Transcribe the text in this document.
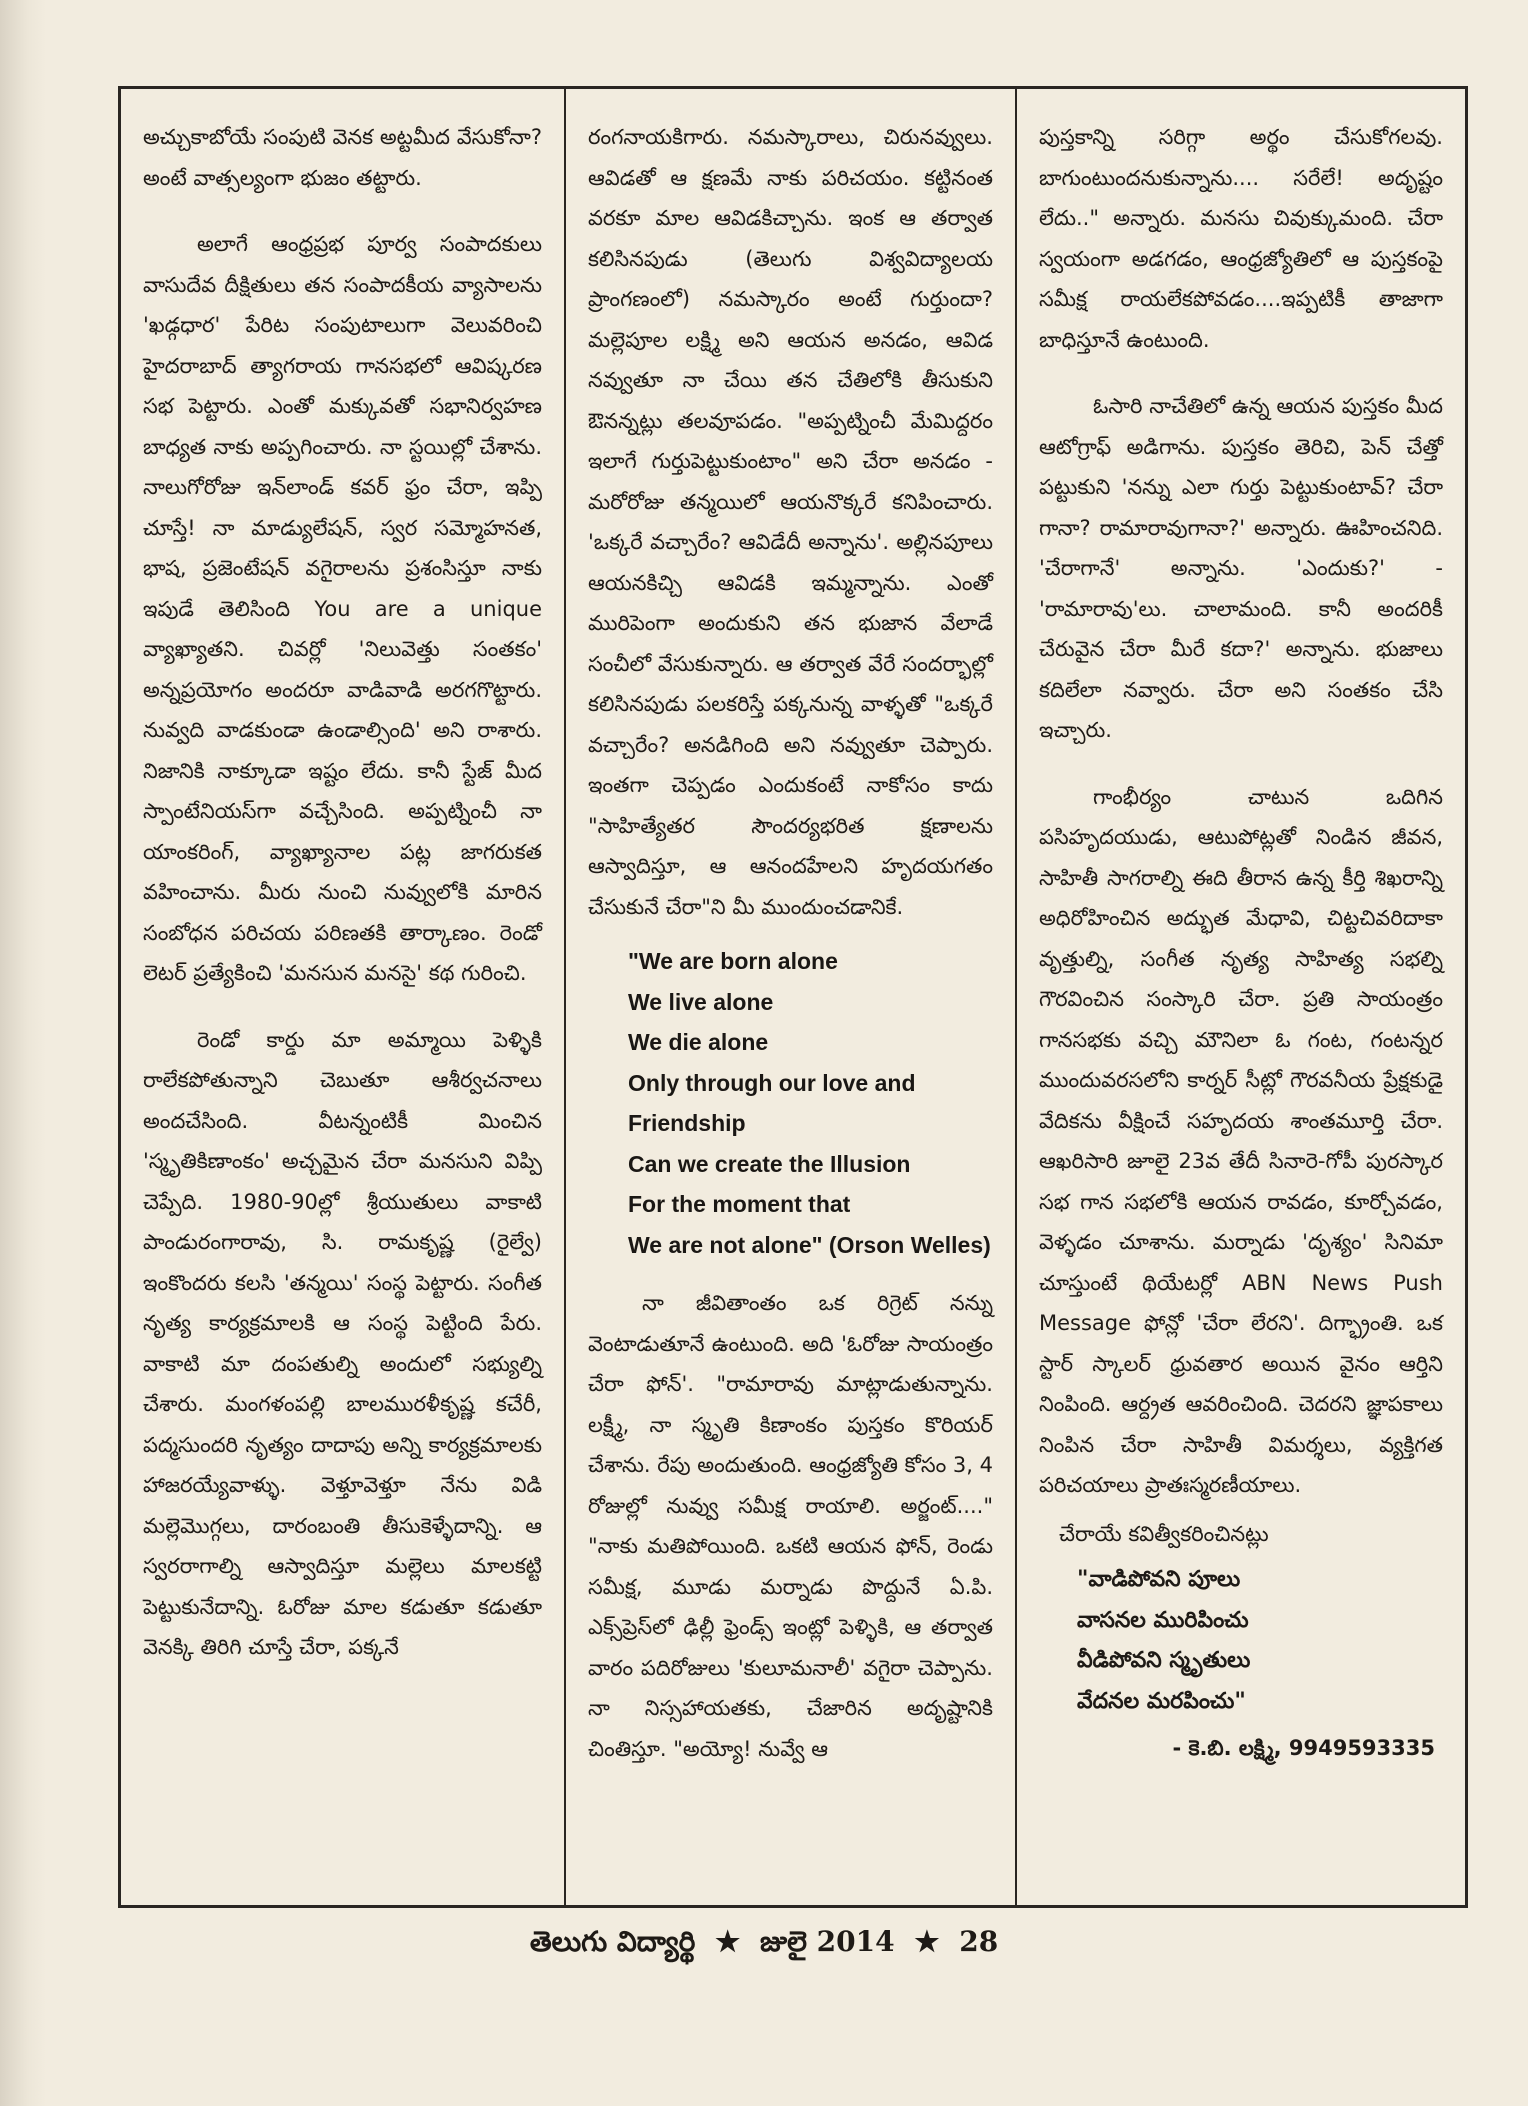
అచ్చుకాబోయే సంపుటి వెనక అట్టమీద వేసుకోనా? అంటే వాత్సల్యంగా భుజం తట్టారు.

అలాగే ఆంధ్రప్రభ పూర్వ సంపాదకులు వాసుదేవ దీక్షితులు తన సంపాదకీయ వ్యాసాలను 'ఖడ్గధార' పేరిట సంపుటాలుగా వెలువరించి హైదరాబాద్ త్యాగరాయ గానసభలో ఆవిష్కరణ సభ పెట్టారు. ఎంతో మక్కువతో సభానిర్వహణ బాధ్యత నాకు అప్పగించారు. నా స్టయిల్లో చేశాను. నాలుగోరోజు ఇన్‌లాండ్ కవర్ ఫ్రం చేరా, ఇప్పి చూస్తే! నా మాడ్యులేషన్, స్వర సమ్మోహనత, భాష, ప్రజెంటేషన్ వగైరాలను ప్రశంసిస్తూ నాకు ఇపుడే తెలిసింది You are a unique వ్యాఖ్యాతని. చివర్లో 'నిలువెత్తు సంతకం' అన్నప్రయోగం అందరూ వాడివాడి అరగగొట్టారు. నువ్వది వాడకుండా ఉండాల్సింది' అని రాశారు. నిజానికి నాక్కూడా ఇష్టం లేదు. కానీ స్టేజ్ మీద స్పాంటేనియస్‌గా వచ్చేసింది. అప్పట్నించీ నా యాంకరింగ్, వ్యాఖ్యానాల పట్ల జాగరుకత వహించాను. మీరు నుంచి నువ్వులోకి మారిన సంబోధన పరిచయ పరిణతకి తార్కాణం. రెండో లెటర్ ప్రత్యేకించి 'మనసున మనసై' కథ గురించి.

రెండో కార్డు మా అమ్మాయి పెళ్ళికి రాలేకపోతున్నాని చెబుతూ ఆశీర్వచనాలు అందచేసింది. వీటన్నంటికీ మించిన 'స్మృతికిణాంకం' అచ్చమైన చేరా మనసుని విప్పి చెప్పేది. 1980-90ల్లో శ్రీయుతులు వాకాటి పాండురంగారావు, సి. రామకృష్ణ (రైల్వే) ఇంకొందరు కలసి 'తన్మయి' సంస్థ పెట్టారు. సంగీత నృత్య కార్యక్రమాలకి ఆ సంస్థ పెట్టింది పేరు. వాకాటి మా దంపతుల్ని అందులో సభ్యుల్ని చేశారు. మంగళంపల్లి బాలమురళీకృష్ణ కచేరీ, పద్మసుందరి నృత్యం దాదాపు అన్ని కార్యక్రమాలకు హాజరయ్యేవాళ్ళు. వెళ్తూవెళ్తూ నేను విడి మల్లెమొగ్గలు, దారంబంతి తీసుకెళ్ళేదాన్ని. ఆ స్వరరాగాల్ని ఆస్వాదిస్తూ మల్లెలు మాలకట్టి పెట్టుకునేదాన్ని. ఓరోజు మాల కడుతూ కడుతూ వెనక్కి తిరిగి చూస్తే చేరా, పక్కనే

రంగనాయకిగారు. నమస్కారాలు, చిరునవ్వులు. ఆవిడతో ఆ క్షణమే నాకు పరిచయం. కట్టినంత వరకూ మాల ఆవిడకిచ్చాను. ఇంక ఆ తర్వాత కలిసినపుడు (తెలుగు విశ్వవిద్యాలయ ప్రాంగణంలో) నమస్కారం అంటే గుర్తుందా? మల్లెపూల లక్ష్మి అని ఆయన అనడం, ఆవిడ నవ్వుతూ నా చేయి తన చేతిలోకి తీసుకుని ఔనన్నట్లు తలవూపడం. "అప్పట్నించీ మేమిద్దరం ఇలాగే గుర్తుపెట్టుకుంటాం" అని చేరా అనడం - మరోరోజు తన్మయిలో ఆయనొక్కరే కనిపించారు. 'ఒక్కరే వచ్చారేం? ఆవిడేదీ అన్నాను'. అల్లినపూలు ఆయనకిచ్చి ఆవిడకి ఇమ్మన్నాను. ఎంతో మురిపెంగా అందుకుని తన భుజాన వేలాడే సంచీలో వేసుకున్నారు. ఆ తర్వాత వేరే సందర్భాల్లో కలిసినపుడు పలకరిస్తే పక్కనున్న వాళ్ళతో "ఒక్కరే వచ్చారేం? అనడిగింది అని నవ్వుతూ చెప్పారు. ఇంతగా చెప్పడం ఎందుకంటే నాకోసం కాదు "సాహిత్యేతర సౌందర్యభరిత క్షణాలను ఆస్వాదిస్తూ, ఆ ఆనందహేలని హృదయగతం చేసుకునే చేరా"ని మీ ముందుంచడానికే.

"We are born alone
We live alone
We die alone
Only through our love and Friendship
Can we create the Illusion
For the moment that
We are not alone" (Orson Welles)

నా జీవితాంతం ఒక రిగ్రెట్ నన్ను వెంటాడుతూనే ఉంటుంది. అది 'ఓరోజు సాయంత్రం చేరా ఫోన్'. "రామారావు మాట్లాడుతున్నాను. లక్ష్మీ, నా స్మృతి కిణాంకం పుస్తకం కొరియర్ చేశాను. రేపు అందుతుంది. ఆంధ్రజ్యోతి కోసం 3, 4 రోజుల్లో నువ్వు సమీక్ష రాయాలి. అర్జంట్...." "నాకు మతిపోయింది. ఒకటి ఆయన ఫోన్, రెండు సమీక్ష, మూడు మర్నాడు పొద్దునే ఏ.పి. ఎక్స్‌ప్రెస్‌లో ఢిల్లీ ఫ్రెండ్స్ ఇంట్లో పెళ్ళికి, ఆ తర్వాత వారం పదిరోజులు 'కులూమనాలీ' వగైరా చెప్పాను. నా నిస్సహాయతకు, చేజారిన అదృష్టానికి చింతిస్తూ. "అయ్యో! నువ్వే ఆ

పుస్తకాన్ని సరిగ్గా అర్థం చేసుకోగలవు. బాగుంటుందనుకున్నాను.... సరేలే! అదృష్టం లేదు.." అన్నారు. మనసు చివుక్కుమంది. చేరా స్వయంగా అడగడం, ఆంధ్రజ్యోతిలో ఆ పుస్తకంపై సమీక్ష రాయలేకపోవడం....ఇప్పటికీ తాజాగా బాధిస్తూనే ఉంటుంది.

ఓసారి నాచేతిలో ఉన్న ఆయన పుస్తకం మీద ఆటోగ్రాఫ్ అడిగాను. పుస్తకం తెరిచి, పెన్ చేత్తో పట్టుకుని 'నన్ను ఎలా గుర్తు పెట్టుకుంటావ్? చేరా గానా? రామారావుగానా?' అన్నారు. ఊహించనిది. 'చేరాగానే' అన్నాను. 'ఎందుకు?' - 'రామారావు'లు. చాలామంది. కానీ అందరికీ చేరువైన చేరా మీరే కదా?' అన్నాను. భుజాలు కదిలేలా నవ్వారు. చేరా అని సంతకం చేసి ఇచ్చారు.

గాంభీర్యం చాటున ఒదిగిన పసిహృదయుడు, ఆటుపోట్లతో నిండిన జీవన, సాహితీ సాగరాల్ని ఈది తీరాన ఉన్న కీర్తి శిఖరాన్ని అధిరోహించిన అద్భుత మేధావి, చిట్టచివరిదాకా వృత్తుల్ని, సంగీత నృత్య సాహిత్య సభల్ని గౌరవించిన సంస్కారి చేరా. ప్రతి సాయంత్రం గానసభకు వచ్చి మౌనిలా ఓ గంట, గంటన్నర ముందువరసలోని కార్నర్ సీట్లో గౌరవనీయ ప్రేక్షకుడై వేదికను వీక్షించే సహృదయ శాంతమూర్తి చేరా. ఆఖరిసారి జూలై 23వ తేదీ సినారె-గోపీ పురస్కార సభ గాన సభలోకి ఆయన రావడం, కూర్చోవడం, వెళ్ళడం చూశాను. మర్నాడు 'దృశ్యం' సినిమా చూస్తుంటే థియేటర్లో ABN News Push Message ఫోన్లో 'చేరా లేరని'. దిగ్భ్రాంతి. ఒక స్టార్ స్కాలర్ ధ్రువతార అయిన వైనం ఆర్తిని నింపింది. ఆర్ద్రత ఆవరించింది. చెదరని జ్ఞాపకాలు నింపిన చేరా సాహితీ విమర్శలు, వ్యక్తిగత పరిచయాలు ప్రాతఃస్మరణీయాలు.

చేరాయే కవిత్వీకరించినట్లు

"వాడిపోవని పూలు
వాసనల మురిపించు
వీడిపోవని స్మృతులు
వేదనల మరపించు"

- కె.బి. లక్ష్మి, 9949593335

తెలుగు విద్యార్థి ★ జులై 2014 ★ 28
